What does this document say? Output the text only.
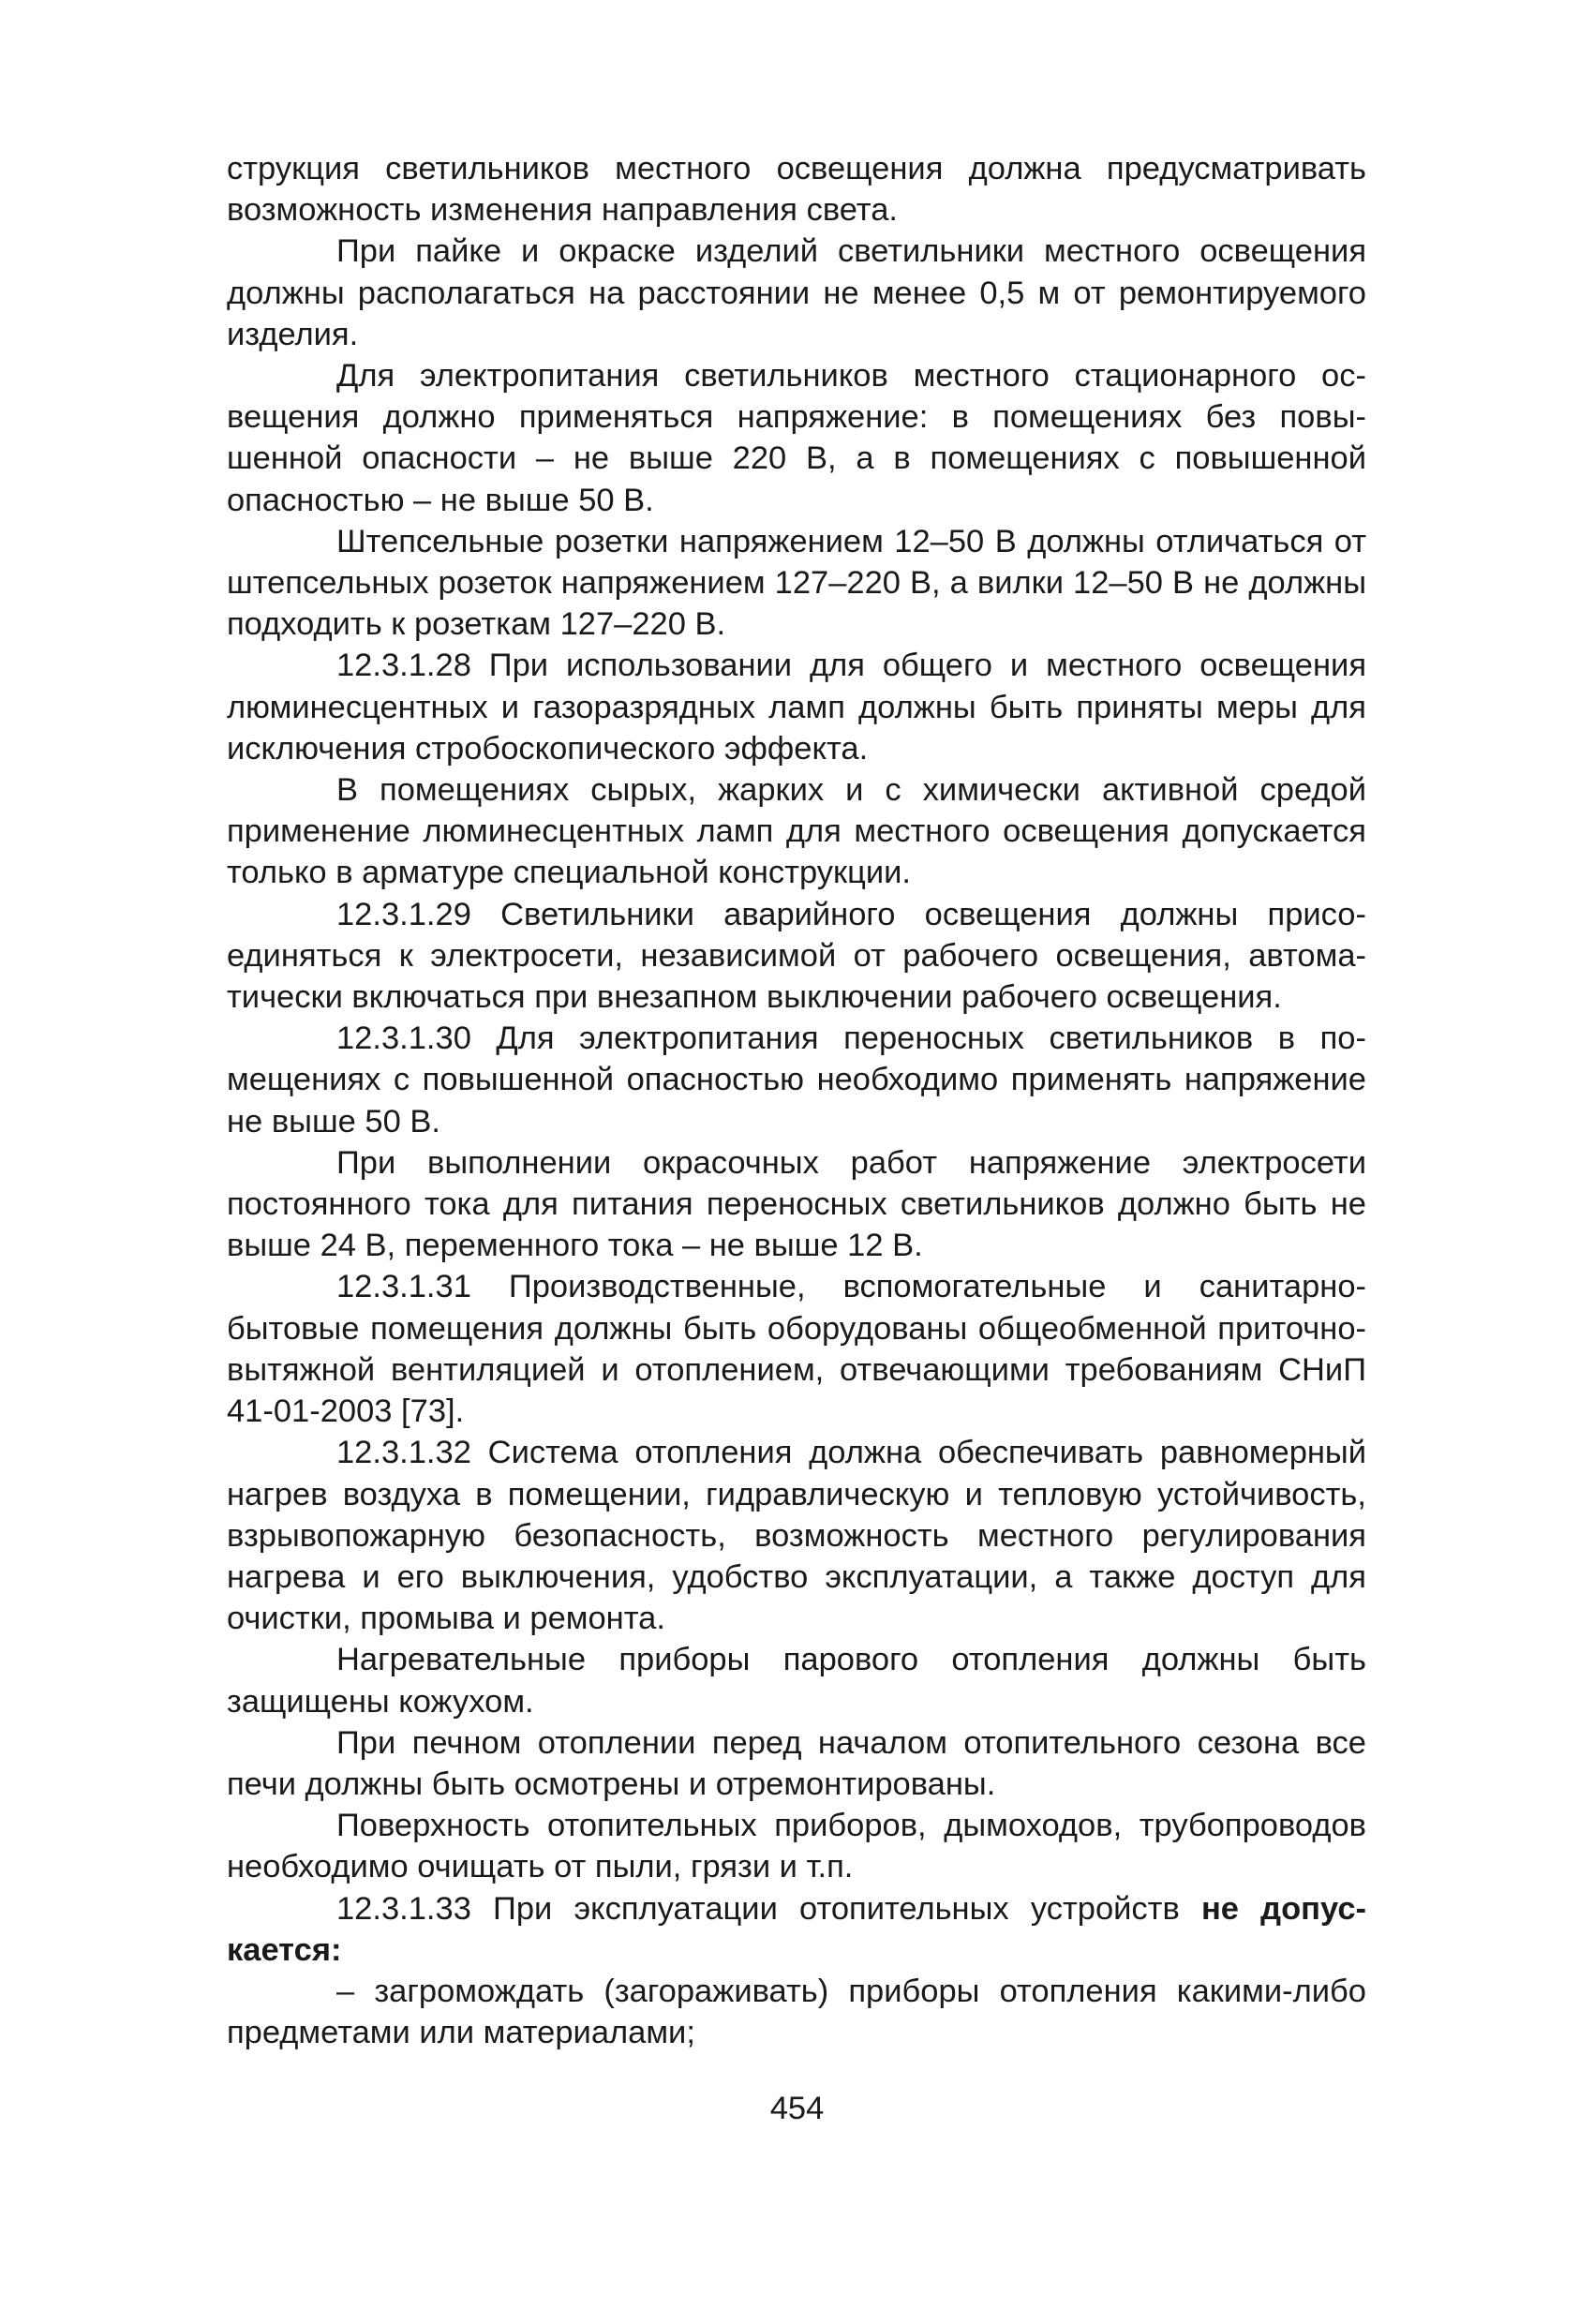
струкция светильников местного освещения должна предусматривать возможность изменения направления света.

При пайке и окраске изделий светильники местного освещения должны располагаться на расстоянии не менее 0,5 м от ремонтируемого изделия.

Для электропитания светильников местного стационарного освещения должно применяться напряжение: в помещениях без повышенной опасности – не выше 220 В, а в помещениях с повышенной опасностью – не выше 50 В.

Штепсельные розетки напряжением 12–50 В должны отличаться от штепсельных розеток напряжением 127–220 В, а вилки 12–50 В не должны подходить к розеткам 127–220 В.

12.3.1.28 При использовании для общего и местного освещения люминесцентных и газоразрядных ламп должны быть приняты меры для исключения стробоскопического эффекта.

В помещениях сырых, жарких и с химически активной средой применение люминесцентных ламп для местного освещения допускается только в арматуре специальной конструкции.

12.3.1.29 Светильники аварийного освещения должны присоединяться к электросети, независимой от рабочего освещения, автоматически включаться при внезапном выключении рабочего освещения.

12.3.1.30 Для электропитания переносных светильников в помещениях с повышенной опасностью необходимо применять напряжение не выше 50 В.

При выполнении окрасочных работ напряжение электросети постоянного тока для питания переносных светильников должно быть не выше 24 В, переменного тока – не выше 12 В.

12.3.1.31 Производственные, вспомогательные и санитарно-бытовые помещения должны быть оборудованы общеобменной приточно-вытяжной вентиляцией и отоплением, отвечающими требованиям СНиП 41-01-2003 [73].

12.3.1.32 Система отопления должна обеспечивать равномерный нагрев воздуха в помещении, гидравлическую и тепловую устойчивость, взрывопожарную безопасность, возможность местного регулирования нагрева и его выключения, удобство эксплуатации, а также доступ для очистки, промыва и ремонта.

Нагревательные приборы парового отопления должны быть защищены кожухом.

При печном отоплении перед началом отопительного сезона все печи должны быть осмотрены и отремонтированы.

Поверхность отопительных приборов, дымоходов, трубопроводов необходимо очищать от пыли, грязи и т.п.

12.3.1.33 При эксплуатации отопительных устройств не допускается:

– загромождать (загораживать) приборы отопления какими-либо предметами или материалами;

454
